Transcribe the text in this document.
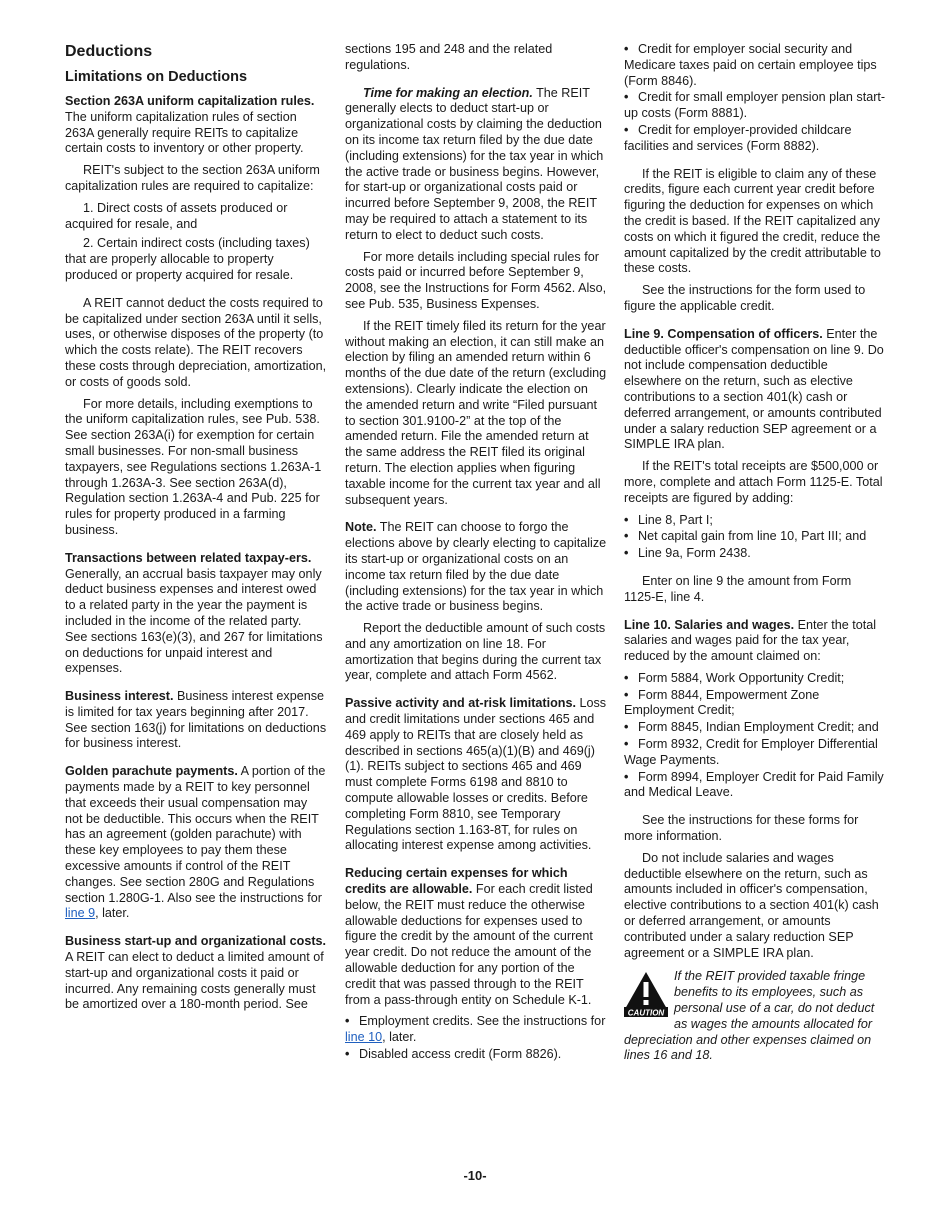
Deductions
Limitations on Deductions

Section 263A uniform capitalization rules. The uniform capitalization rules of section 263A generally require REITs to capitalize certain costs to inventory or other property.

REIT's subject to the section 263A uniform capitalization rules are required to capitalize:

1. Direct costs of assets produced or acquired for resale, and

2. Certain indirect costs (including taxes) that are properly allocable to property produced or property acquired for resale.

A REIT cannot deduct the costs required to be capitalized under section 263A until it sells, uses, or otherwise disposes of the property (to which the costs relate). The REIT recovers these costs through depreciation, amortization, or costs of goods sold.

For more details, including exemptions to the uniform capitalization rules, see Pub. 538. See section 263A(i) for exemption for certain small businesses. For non-small business taxpayers, see Regulations sections 1.263A-1 through 1.263A-3. See section 263A(d), Regulation section 1.263A-4 and Pub. 225 for rules for property produced in a farming business.

Transactions between related taxpay-ers. Generally, an accrual basis taxpayer may only deduct business expenses and interest owed to a related party in the year the payment is included in the income of the related party. See sections 163(e)(3), and 267 for limitations on deductions for unpaid interest and expenses.

Business interest. Business interest expense is limited for tax years beginning after 2017. See section 163(j) for limitations on deductions for business interest.

Golden parachute payments. A portion of the payments made by a REIT to key personnel that exceeds their usual compensation may not be deductible. This occurs when the REIT has an agreement (golden parachute) with these key employees to pay them these excessive amounts if control of the REIT changes. See section 280G and Regulations section 1.280G-1. Also see the instructions for line 9, later.

Business start-up and organizational costs. A REIT can elect to deduct a limited amount of start-up and organizational costs it paid or incurred. Any remaining costs generally must be amortized over a 180-month period. See

sections 195 and 248 and the related regulations.

Time for making an election. The REIT generally elects to deduct start-up or organizational costs by claiming the deduction on its income tax return filed by the due date (including extensions) for the tax year in which the active trade or business begins. However, for start-up or organizational costs paid or incurred before September 9, 2008, the REIT may be required to attach a statement to its return to elect to deduct such costs.

For more details including special rules for costs paid or incurred before September 9, 2008, see the Instructions for Form 4562. Also, see Pub. 535, Business Expenses.

If the REIT timely filed its return for the year without making an election, it can still make an election by filing an amended return within 6 months of the due date of the return (excluding extensions). Clearly indicate the election on the amended return and write “Filed pursuant to section 301.9100-2” at the top of the amended return. File the amended return at the same address the REIT filed its original return. The election applies when figuring taxable income for the current tax year and all subsequent years.

Note. The REIT can choose to forgo the elections above by clearly electing to capitalize its start-up or organizational costs on an income tax return filed by the due date (including extensions) for the tax year in which the active trade or business begins.

Report the deductible amount of such costs and any amortization on line 18. For amortization that begins during the current tax year, complete and attach Form 4562.

Passive activity and at-risk limitations. Loss and credit limitations under sections 465 and 469 apply to REITs that are closely held as described in sections 465(a)(1)(B) and 469(j)(1). REITs subject to sections 465 and 469 must complete Forms 6198 and 8810 to compute allowable losses or credits. Before completing Form 8810, see Temporary Regulations section 1.163-8T, for rules on allocating interest expense among activities.

Reducing certain expenses for which credits are allowable. For each credit listed below, the REIT must reduce the otherwise allowable deductions for expenses used to figure the credit by the amount of the current year credit. Do not reduce the amount of the allowable deduction for any portion of the credit that was passed through to the REIT from a pass-through entity on Schedule K-1.

• Employment credits. See the instructions for line 10, later.

• Disabled access credit (Form 8826).

• Credit for employer social security and Medicare taxes paid on certain employee tips (Form 8846).

• Credit for small employer pension plan start-up costs (Form 8881).

• Credit for employer-provided childcare facilities and services (Form 8882).

If the REIT is eligible to claim any of these credits, figure each current year credit before figuring the deduction for expenses on which the credit is based. If the REIT capitalized any costs on which it figured the credit, reduce the amount capitalized by the credit attributable to these costs.

See the instructions for the form used to figure the applicable credit.

Line 9. Compensation of officers. Enter the deductible officer's compensation on line 9. Do not include compensation deductible elsewhere on the return, such as elective contributions to a section 401(k) cash or deferred arrangement, or amounts contributed under a salary reduction SEP agreement or a SIMPLE IRA plan.

If the REIT's total receipts are $500,000 or more, complete and attach Form 1125-E. Total receipts are figured by adding:

• Line 8, Part I;

• Net capital gain from line 10, Part III; and

• Line 9a, Form 2438.

Enter on line 9 the amount from Form 1125-E, line 4.

Line 10. Salaries and wages. Enter the total salaries and wages paid for the tax year, reduced by the amount claimed on:

• Form 5884, Work Opportunity Credit;

• Form 8844, Empowerment Zone Employment Credit;

• Form 8845, Indian Employment Credit; and

• Form 8932, Credit for Employer Differential Wage Payments.

• Form 8994, Employer Credit for Paid Family and Medical Leave.

See the instructions for these forms for more information.

Do not include salaries and wages deductible elsewhere on the return, such as amounts included in officer's compensation, elective contributions to a section 401(k) cash or deferred arrangement, or amounts contributed under a salary reduction SEP agreement or a SIMPLE IRA plan.

CAUTION
If the REIT provided taxable fringe benefits to its employees, such as personal use of a car, do not deduct as wages the amounts allocated for depreciation and other expenses claimed on lines 16 and 18.
-10-
